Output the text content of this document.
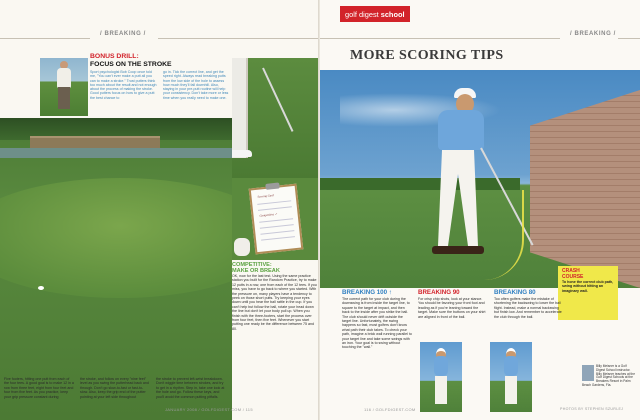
/ BREAKING /

BONUS DRILL:

FOCUS ON THE STROKE

Sport psychologist Bob Coop once told me, "You can't ever make a putt all you can to make a stroke." Trust putters think too much about the result and not enough about the process of making the stroke. Good putters focus on how to give a putt the best chance to
go in. Tick the correct line, and get the speed right. Always read breaking putts from the low side of the hole to assess how much they'll fall downhill. Also, staying in your pre-putt routine will help your consistency. Don't take more or less time when you really need to make one.
Scoring Card
Competitive ✓

COMPETITIVE:

MAKE OR BREAK

OK, now for the last test. Using the same practice station you built for the Random Practice, try to make 12 putts in a row, one from each of the 12 tees. If you miss, you have to go back to where you started. With the pressure on, many players have a tendency to peek on those short putts. Try keeping your eyes down until you hear the ball rattle in the cup. If you can't help but follow the ball, rotate your head down the line but don't let your body pull up. When you finish with the three-footers, start the process over from four feet, then five feet. Whenever you start putting one ready be the difference between 75 and 80.
Five footers, hitting one putt from each of the four tees. A good goal is to make 12 in a row from three feet, eight from four feet and four from five feet. As you practice, keep your grip pressure constant during
the stroke, and follow on every "nine feet" level as you swing the putterhead back and through. Don't go slow-to-fast or fast-to-slow. Also, keep the grip end of the putter pointing at your left side throughout
the stroke to prevent left-wrist breakdown. Don't wiggle time between strokes, and try to get in a rhythm. Step in, take one look at the hole and go. Follow these keys, and you'll avoid the common putting pitfalls.
JANUARY 2008 / GOLFDIGEST.COM / 115
golf digest school
/ BREAKING /
MORE SCORING TIPS

CRASH

COURSE

To hone the correct club path, swing without hitting an imaginary wall.

BREAKING 100 ↑

The correct path for your club during the downswing is from inside the target line, to square to the target at impact, and then back to the inside after you strike the ball. The club should never drift outside the target line. Unfortunately, the swing happens so fast, most golfers don't know what path their club takes. To check your path, imagine a brick wall running parallel to your target line and take some swings with an iron. Your goal is to swing without touching the "wall."

BREAKING 90

For crisp chip shots, look at your stance. You should be favoring your front foot and leading as if you're leaning toward the target. Make sure the buttons on your shirt are aligned in front of the ball.

BREAKING 80

Too often golfers make the mistake of shortening the backswing to lower the ball flight. Instead, make a normal backswing but finish low. And remember to accelerate the club through the ball.
Billy Meisner is a Golf Digest School instructor. Billy Meisner teaches at the Golf Digest Schools at the Breakers Resort in Palm Beach Gardens, Fla.
116 / GOLFDIGEST.COM	PHOTOS BY STEPHEN SZURLEJ
